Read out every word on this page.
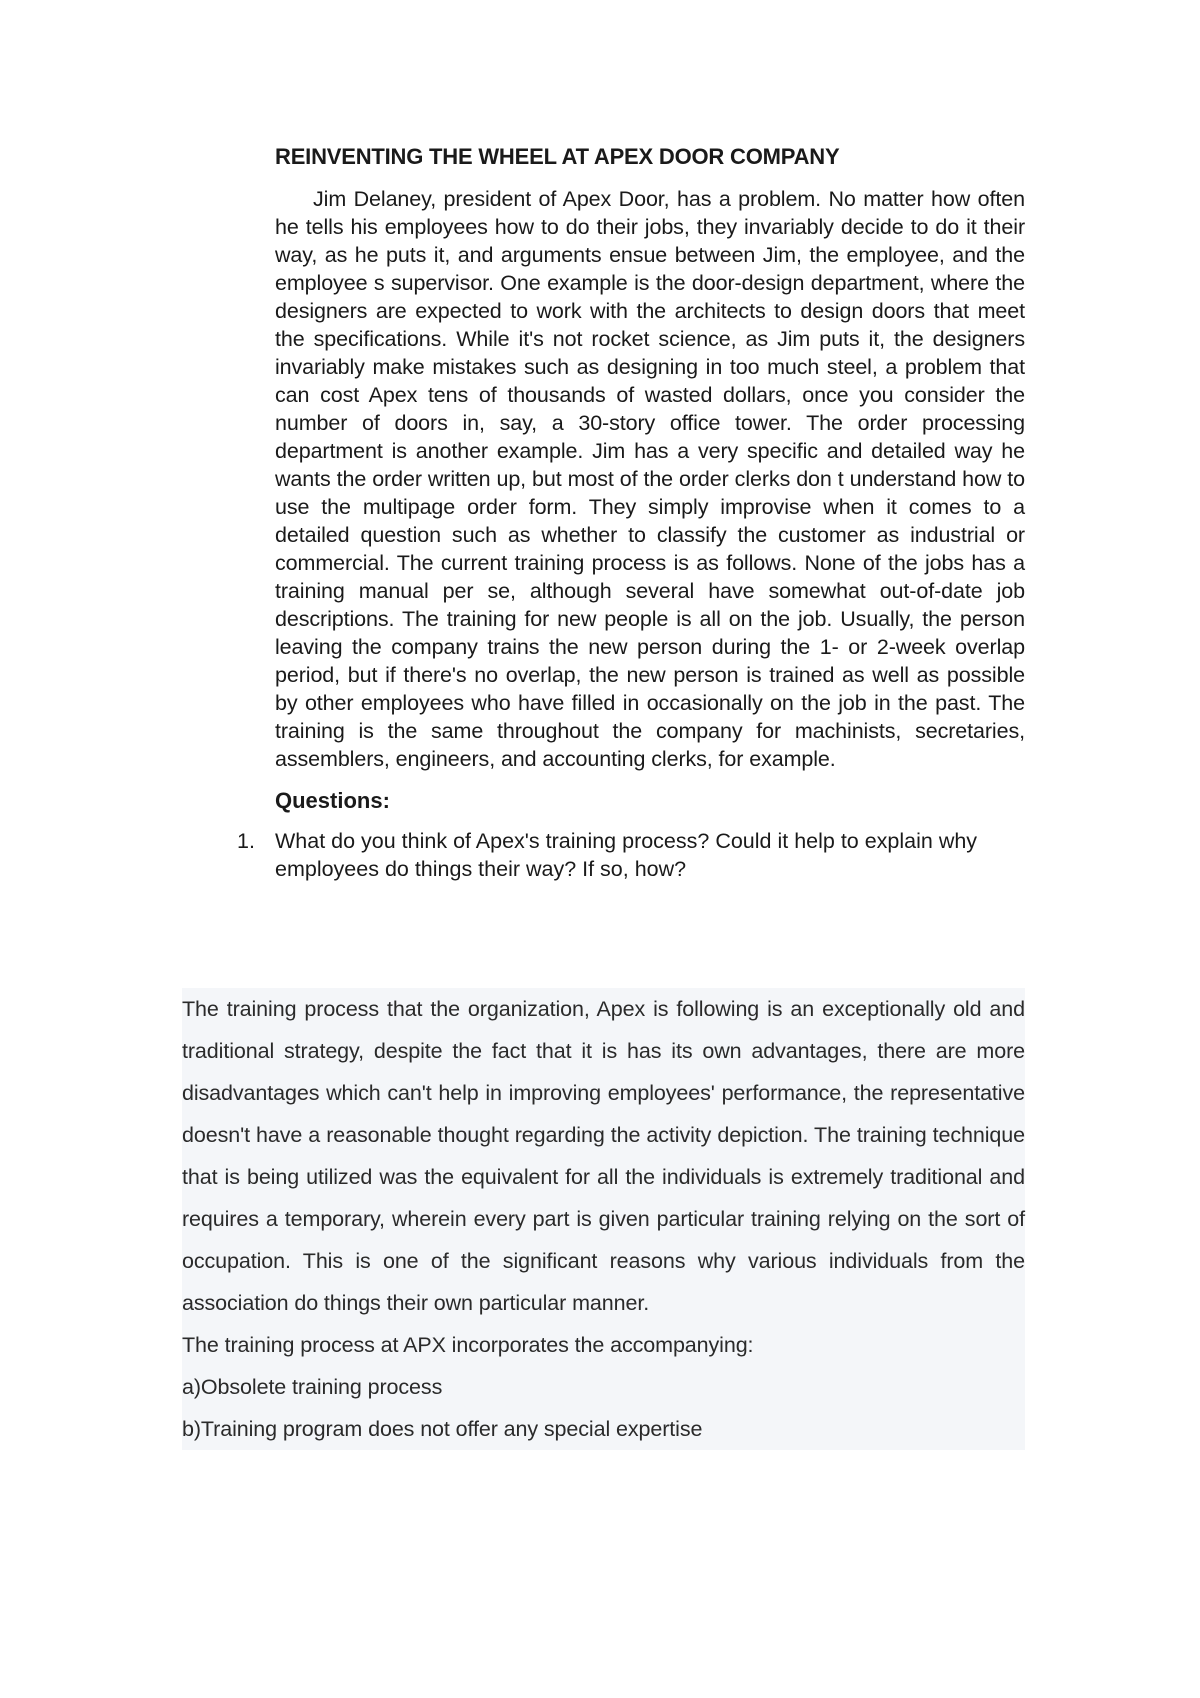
REINVENTING THE WHEEL AT APEX DOOR COMPANY

Jim Delaney, president of Apex Door, has a problem. No matter how often he tells his employees how to do their jobs, they invariably decide to do it their way, as he puts it, and arguments ensue between Jim, the employee, and the employee s supervisor. One example is the door-design department, where the designers are expected to work with the architects to design doors that meet the specifications. While it's not rocket science, as Jim puts it, the designers invariably make mistakes such as designing in too much steel, a problem that can cost Apex tens of thousands of wasted dollars, once you consider the number of doors in, say, a 30-story office tower. The order processing department is another example. Jim has a very specific and detailed way he wants the order written up, but most of the order clerks don t understand how to use the multipage order form. They simply improvise when it comes to a detailed question such as whether to classify the customer as industrial or commercial. The current training process is as follows. None of the jobs has a training manual per se, although several have somewhat out-of-date job descriptions. The training for new people is all on the job. Usually, the person leaving the company trains the new person during the 1- or 2-week overlap period, but if there's no overlap, the new person is trained as well as possible by other employees who have filled in occasionally on the job in the past. The training is the same throughout the company for machinists, secretaries, assemblers, engineers, and accounting clerks, for example.

Questions:
1. What do you think of Apex's training process? Could it help to explain why employees do things their way? If so, how?

The training process that the organization, Apex is following is an exceptionally old and traditional strategy, despite the fact that it is has its own advantages, there are more disadvantages which can't help in improving employees' performance, the representative doesn't have a reasonable thought regarding the activity depiction. The training technique that is being utilized was the equivalent for all the individuals is extremely traditional and requires a temporary, wherein every part is given particular training relying on the sort of occupation. This is one of the significant reasons why various individuals from the association do things their own particular manner.

The training process at APX incorporates the accompanying:

a)Obsolete training process

b)Training program does not offer any special expertise
